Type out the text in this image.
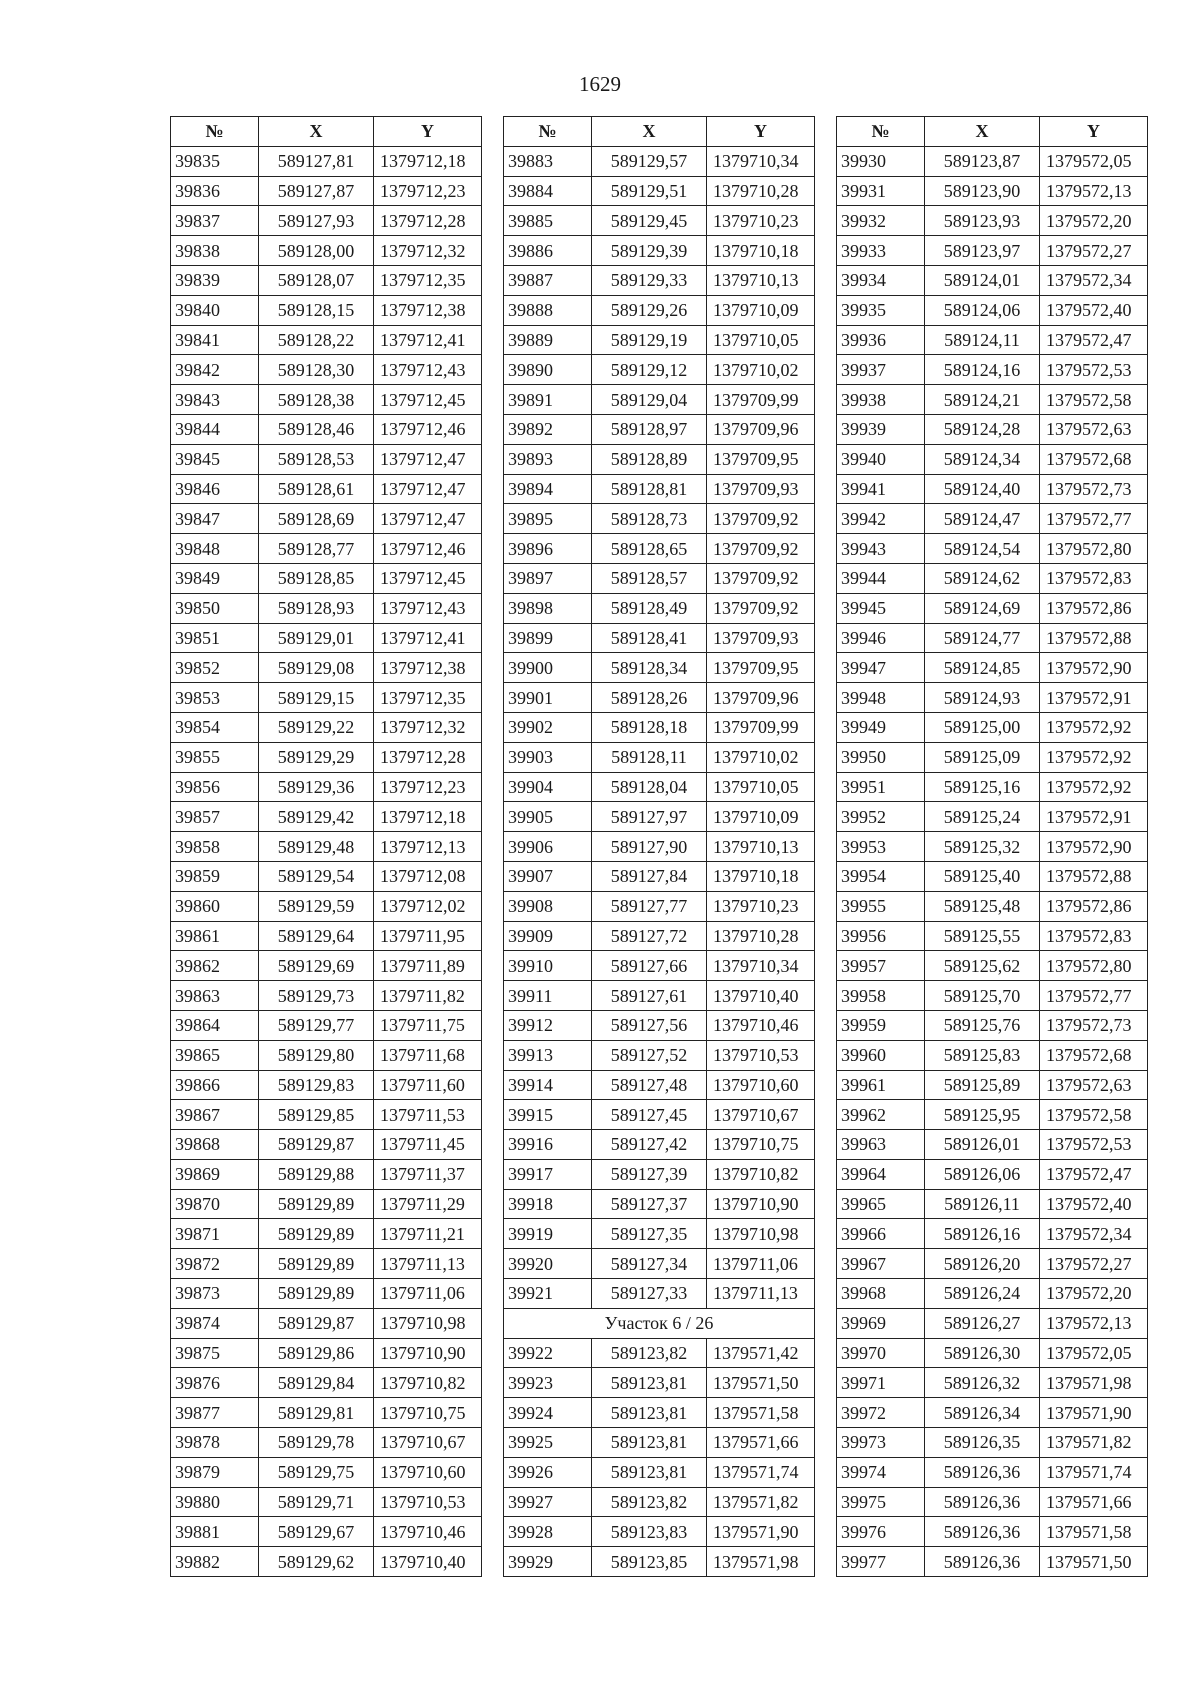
1629
№	X	Y
39835	589127,81	1379712,18
39836	589127,87	1379712,23
39837	589127,93	1379712,28
39838	589128,00	1379712,32
39839	589128,07	1379712,35
39840	589128,15	1379712,38
39841	589128,22	1379712,41
39842	589128,30	1379712,43
39843	589128,38	1379712,45
39844	589128,46	1379712,46
39845	589128,53	1379712,47
39846	589128,61	1379712,47
39847	589128,69	1379712,47
39848	589128,77	1379712,46
39849	589128,85	1379712,45
39850	589128,93	1379712,43
39851	589129,01	1379712,41
39852	589129,08	1379712,38
39853	589129,15	1379712,35
39854	589129,22	1379712,32
39855	589129,29	1379712,28
39856	589129,36	1379712,23
39857	589129,42	1379712,18
39858	589129,48	1379712,13
39859	589129,54	1379712,08
39860	589129,59	1379712,02
39861	589129,64	1379711,95
39862	589129,69	1379711,89
39863	589129,73	1379711,82
39864	589129,77	1379711,75
39865	589129,80	1379711,68
39866	589129,83	1379711,60
39867	589129,85	1379711,53
39868	589129,87	1379711,45
39869	589129,88	1379711,37
39870	589129,89	1379711,29
39871	589129,89	1379711,21
39872	589129,89	1379711,13
39873	589129,89	1379711,06
39874	589129,87	1379710,98
39875	589129,86	1379710,90
39876	589129,84	1379710,82
39877	589129,81	1379710,75
39878	589129,78	1379710,67
39879	589129,75	1379710,60
39880	589129,71	1379710,53
39881	589129,67	1379710,46
39882	589129,62	1379710,40
№	X	Y
39883	589129,57	1379710,34
39884	589129,51	1379710,28
39885	589129,45	1379710,23
39886	589129,39	1379710,18
39887	589129,33	1379710,13
39888	589129,26	1379710,09
39889	589129,19	1379710,05
39890	589129,12	1379710,02
39891	589129,04	1379709,99
39892	589128,97	1379709,96
39893	589128,89	1379709,95
39894	589128,81	1379709,93
39895	589128,73	1379709,92
39896	589128,65	1379709,92
39897	589128,57	1379709,92
39898	589128,49	1379709,92
39899	589128,41	1379709,93
39900	589128,34	1379709,95
39901	589128,26	1379709,96
39902	589128,18	1379709,99
39903	589128,11	1379710,02
39904	589128,04	1379710,05
39905	589127,97	1379710,09
39906	589127,90	1379710,13
39907	589127,84	1379710,18
39908	589127,77	1379710,23
39909	589127,72	1379710,28
39910	589127,66	1379710,34
39911	589127,61	1379710,40
39912	589127,56	1379710,46
39913	589127,52	1379710,53
39914	589127,48	1379710,60
39915	589127,45	1379710,67
39916	589127,42	1379710,75
39917	589127,39	1379710,82
39918	589127,37	1379710,90
39919	589127,35	1379710,98
39920	589127,34	1379711,06
39921	589127,33	1379711,13
Участок 6 / 26		
39922	589123,82	1379571,42
39923	589123,81	1379571,50
39924	589123,81	1379571,58
39925	589123,81	1379571,66
39926	589123,81	1379571,74
39927	589123,82	1379571,82
39928	589123,83	1379571,90
39929	589123,85	1379571,98
№	X	Y
39930	589123,87	1379572,05
39931	589123,90	1379572,13
39932	589123,93	1379572,20
39933	589123,97	1379572,27
39934	589124,01	1379572,34
39935	589124,06	1379572,40
39936	589124,11	1379572,47
39937	589124,16	1379572,53
39938	589124,21	1379572,58
39939	589124,28	1379572,63
39940	589124,34	1379572,68
39941	589124,40	1379572,73
39942	589124,47	1379572,77
39943	589124,54	1379572,80
39944	589124,62	1379572,83
39945	589124,69	1379572,86
39946	589124,77	1379572,88
39947	589124,85	1379572,90
39948	589124,93	1379572,91
39949	589125,00	1379572,92
39950	589125,09	1379572,92
39951	589125,16	1379572,92
39952	589125,24	1379572,91
39953	589125,32	1379572,90
39954	589125,40	1379572,88
39955	589125,48	1379572,86
39956	589125,55	1379572,83
39957	589125,62	1379572,80
39958	589125,70	1379572,77
39959	589125,76	1379572,73
39960	589125,83	1379572,68
39961	589125,89	1379572,63
39962	589125,95	1379572,58
39963	589126,01	1379572,53
39964	589126,06	1379572,47
39965	589126,11	1379572,40
39966	589126,16	1379572,34
39967	589126,20	1379572,27
39968	589126,24	1379572,20
39969	589126,27	1379572,13
39970	589126,30	1379572,05
39971	589126,32	1379571,98
39972	589126,34	1379571,90
39973	589126,35	1379571,82
39974	589126,36	1379571,74
39975	589126,36	1379571,66
39976	589126,36	1379571,58
39977	589126,36	1379571,50
